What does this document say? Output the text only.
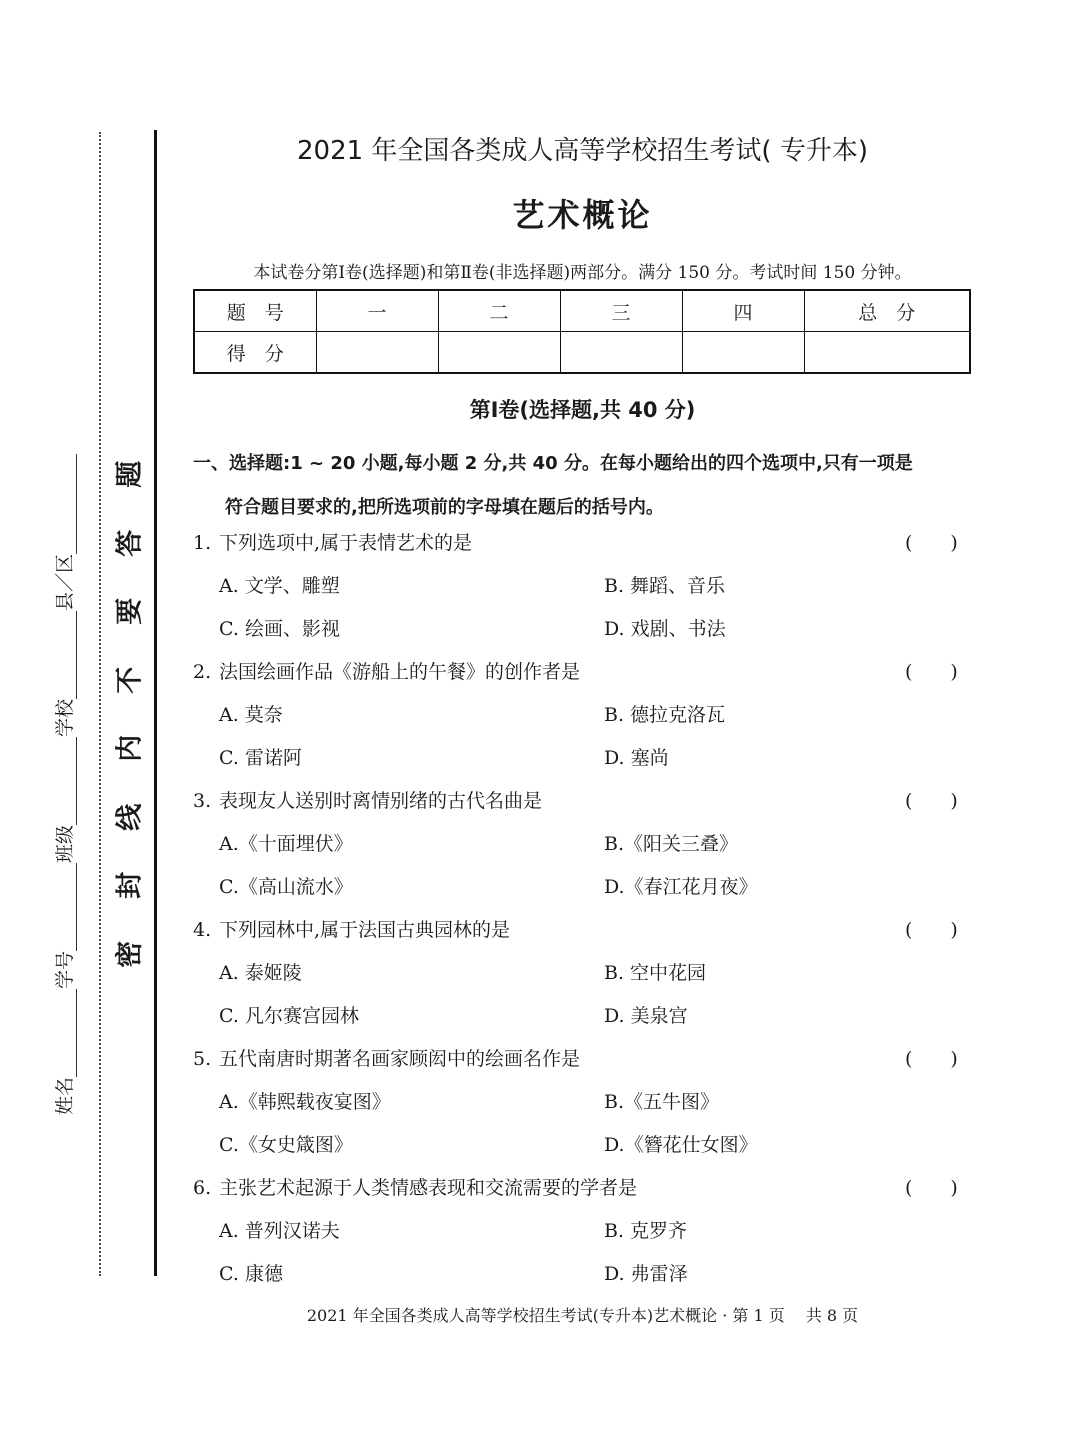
题
答
要
不
内
线
封
密
姓名
学号
班级
学校
县／区
2021 年全国各类成人高等学校招生考试( 专升本)
艺术概论
本试卷分第Ⅰ卷(选择题)和第Ⅱ卷(非选择题)两部分。满分 150 分。考试时间 150 分钟。
题　号	一	二	三	四	总　分
得　分					
第Ⅰ卷(选择题,共 40 分)
一、选择题:1 ~ 20 小题,每小题 2 分,共 40 分。在每小题给出的四个选项中,只有一项是
符合题目要求的,把所选项前的字母填在题后的括号内。
1. 下列选项中,属于表情艺术的是	(　　)
A. 文学、雕塑	B. 舞蹈、音乐
C. 绘画、影视	D. 戏剧、书法
2. 法国绘画作品《游船上的午餐》的创作者是	(　　)
A. 莫奈	B. 德拉克洛瓦
C. 雷诺阿	D. 塞尚
3. 表现友人送别时离情别绪的古代名曲是	(　　)
A.《十面埋伏》	B.《阳关三叠》
C.《高山流水》	D.《春江花月夜》
4. 下列园林中,属于法国古典园林的是	(　　)
A. 泰姬陵	B. 空中花园
C. 凡尔赛宫园林	D. 美泉宫
5. 五代南唐时期著名画家顾闳中的绘画名作是	(　　)
A.《韩熙载夜宴图》	B.《五牛图》
C.《女史箴图》	D.《簪花仕女图》
6. 主张艺术起源于人类情感表现和交流需要的学者是	(　　)
A. 普列汉诺夫	B. 克罗齐
C. 康德	D. 弗雷泽
2021 年全国各类成人高等学校招生考试(专升本)艺术概论 · 第 1 页　 共 8 页
